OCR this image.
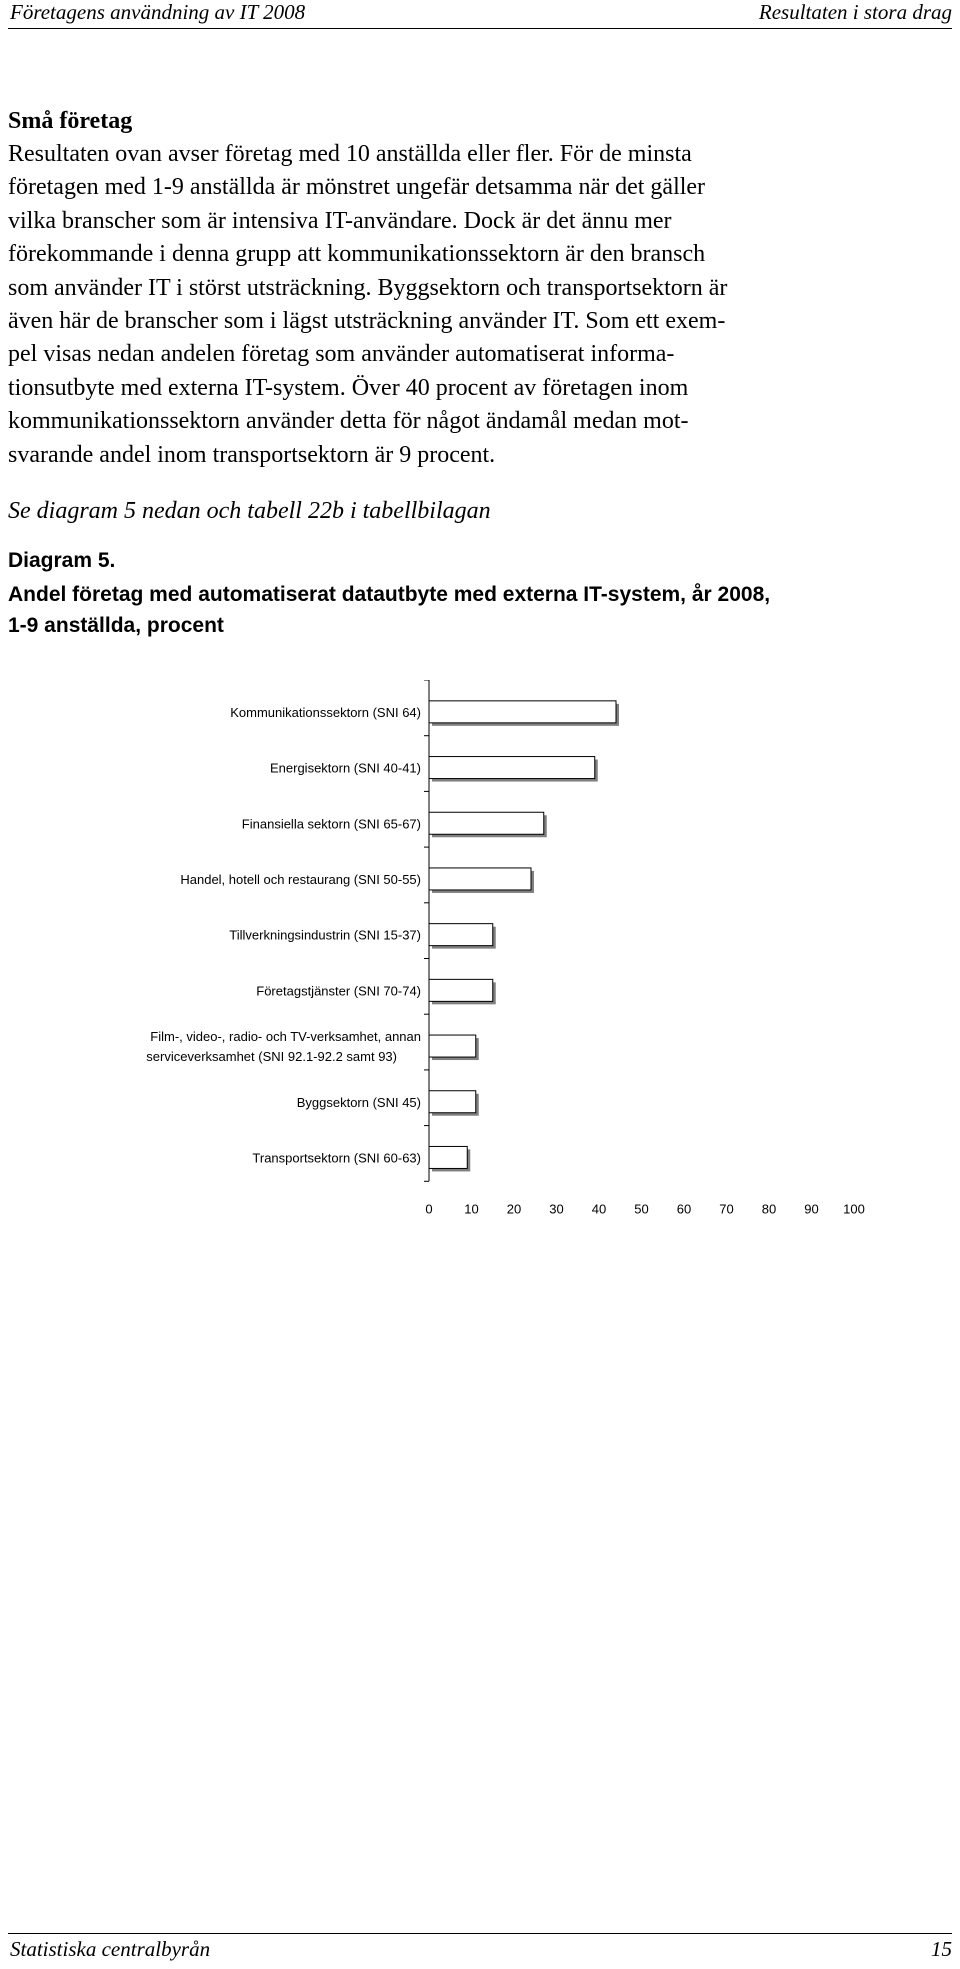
Företagens användning av IT 2008	Resultaten i stora drag
Små företag

Resultaten ovan avser företag med 10 anställda eller fler. För de minsta

företagen med 1-9 anställda är mönstret ungefär detsamma när det gäller

vilka branscher som är intensiva IT-användare. Dock är det ännu mer

förekommande i denna grupp att kommunikationssektorn är den bransch

som använder IT i störst utsträckning. Byggsektorn och transportsektorn är

även här de branscher som i lägst utsträckning använder IT. Som ett exem-

pel visas nedan andelen företag som använder automatiserat informa-

tionsutbyte med externa IT-system. Över 40 procent av företagen inom

kommunikationssektorn använder detta för något ändamål medan mot-

svarande andel inom transportsektorn är 9 procent.

Se diagram 5 nedan och tabell 22b i tabellbilagan
Diagram 5.
Andel företag med automatiserat datautbyte med externa IT-system, år 2008,
1-9 anställda, procent
Kommunikationssektorn (SNI 64)
Energisektorn (SNI 40-41)
Finansiella sektorn (SNI 65-67)
Handel, hotell och restaurang (SNI 50-55)
Tillverkningsindustrin (SNI 15-37)
Företagstjänster (SNI 70-74)
Film-, video-, radio- och TV-verksamhet, annan serviceverksamhet (SNI 92.1-92.2 samt 93)
Byggsektorn (SNI 45)
Transportsektorn (SNI 60-63)
0 10 20 30 40 50 60 70 80 90 100
Statistiska centralbyrån	15
